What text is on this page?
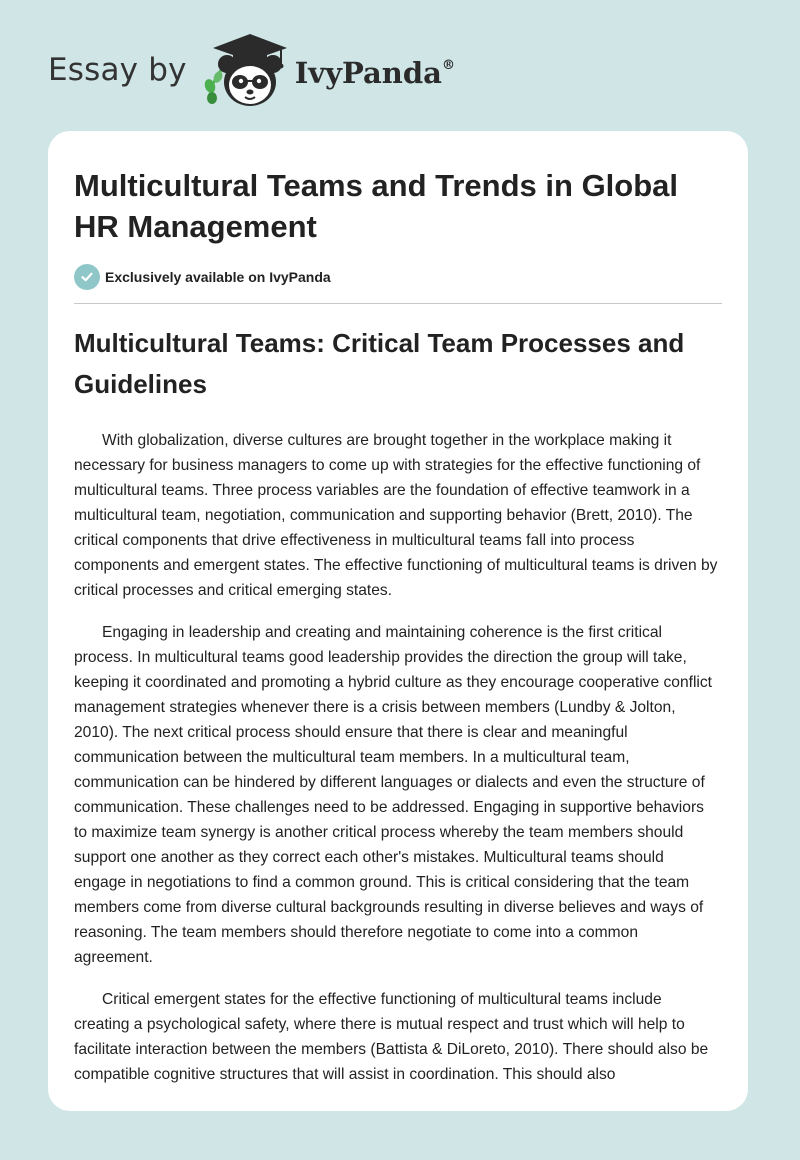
Essay by	IvyPanda®
Multicultural Teams and Trends in Global HR Management
Exclusively available on IvyPanda
Multicultural Teams: Critical Team Processes and Guidelines

With globalization, diverse cultures are brought together in the workplace making it necessary for business managers to come up with strategies for the effective functioning of multicultural teams. Three process variables are the foundation of effective teamwork in a multicultural team, negotiation, communication and supporting behavior (Brett, 2010). The critical components that drive effectiveness in multicultural teams fall into process components and emergent states. The effective functioning of multicultural teams is driven by critical processes and critical emerging states.

Engaging in leadership and creating and maintaining coherence is the first critical process. In multicultural teams good leadership provides the direction the group will take, keeping it coordinated and promoting a hybrid culture as they encourage cooperative conflict management strategies whenever there is a crisis between members (Lundby & Jolton, 2010). The next critical process should ensure that there is clear and meaningful communication between the multicultural team members. In a multicultural team, communication can be hindered by different languages or dialects and even the structure of communication. These challenges need to be addressed. Engaging in supportive behaviors to maximize team synergy is another critical process whereby the team members should support one another as they correct each other's mistakes. Multicultural teams should engage in negotiations to find a common ground. This is critical considering that the team members come from diverse cultural backgrounds resulting in diverse believes and ways of reasoning. The team members should therefore negotiate to come into a common agreement.

Critical emergent states for the effective functioning of multicultural teams include creating a psychological safety, where there is mutual respect and trust which will help to facilitate interaction between the members (Battista & DiLoreto, 2010). There should also be compatible cognitive structures that will assist in coordination. This should also
